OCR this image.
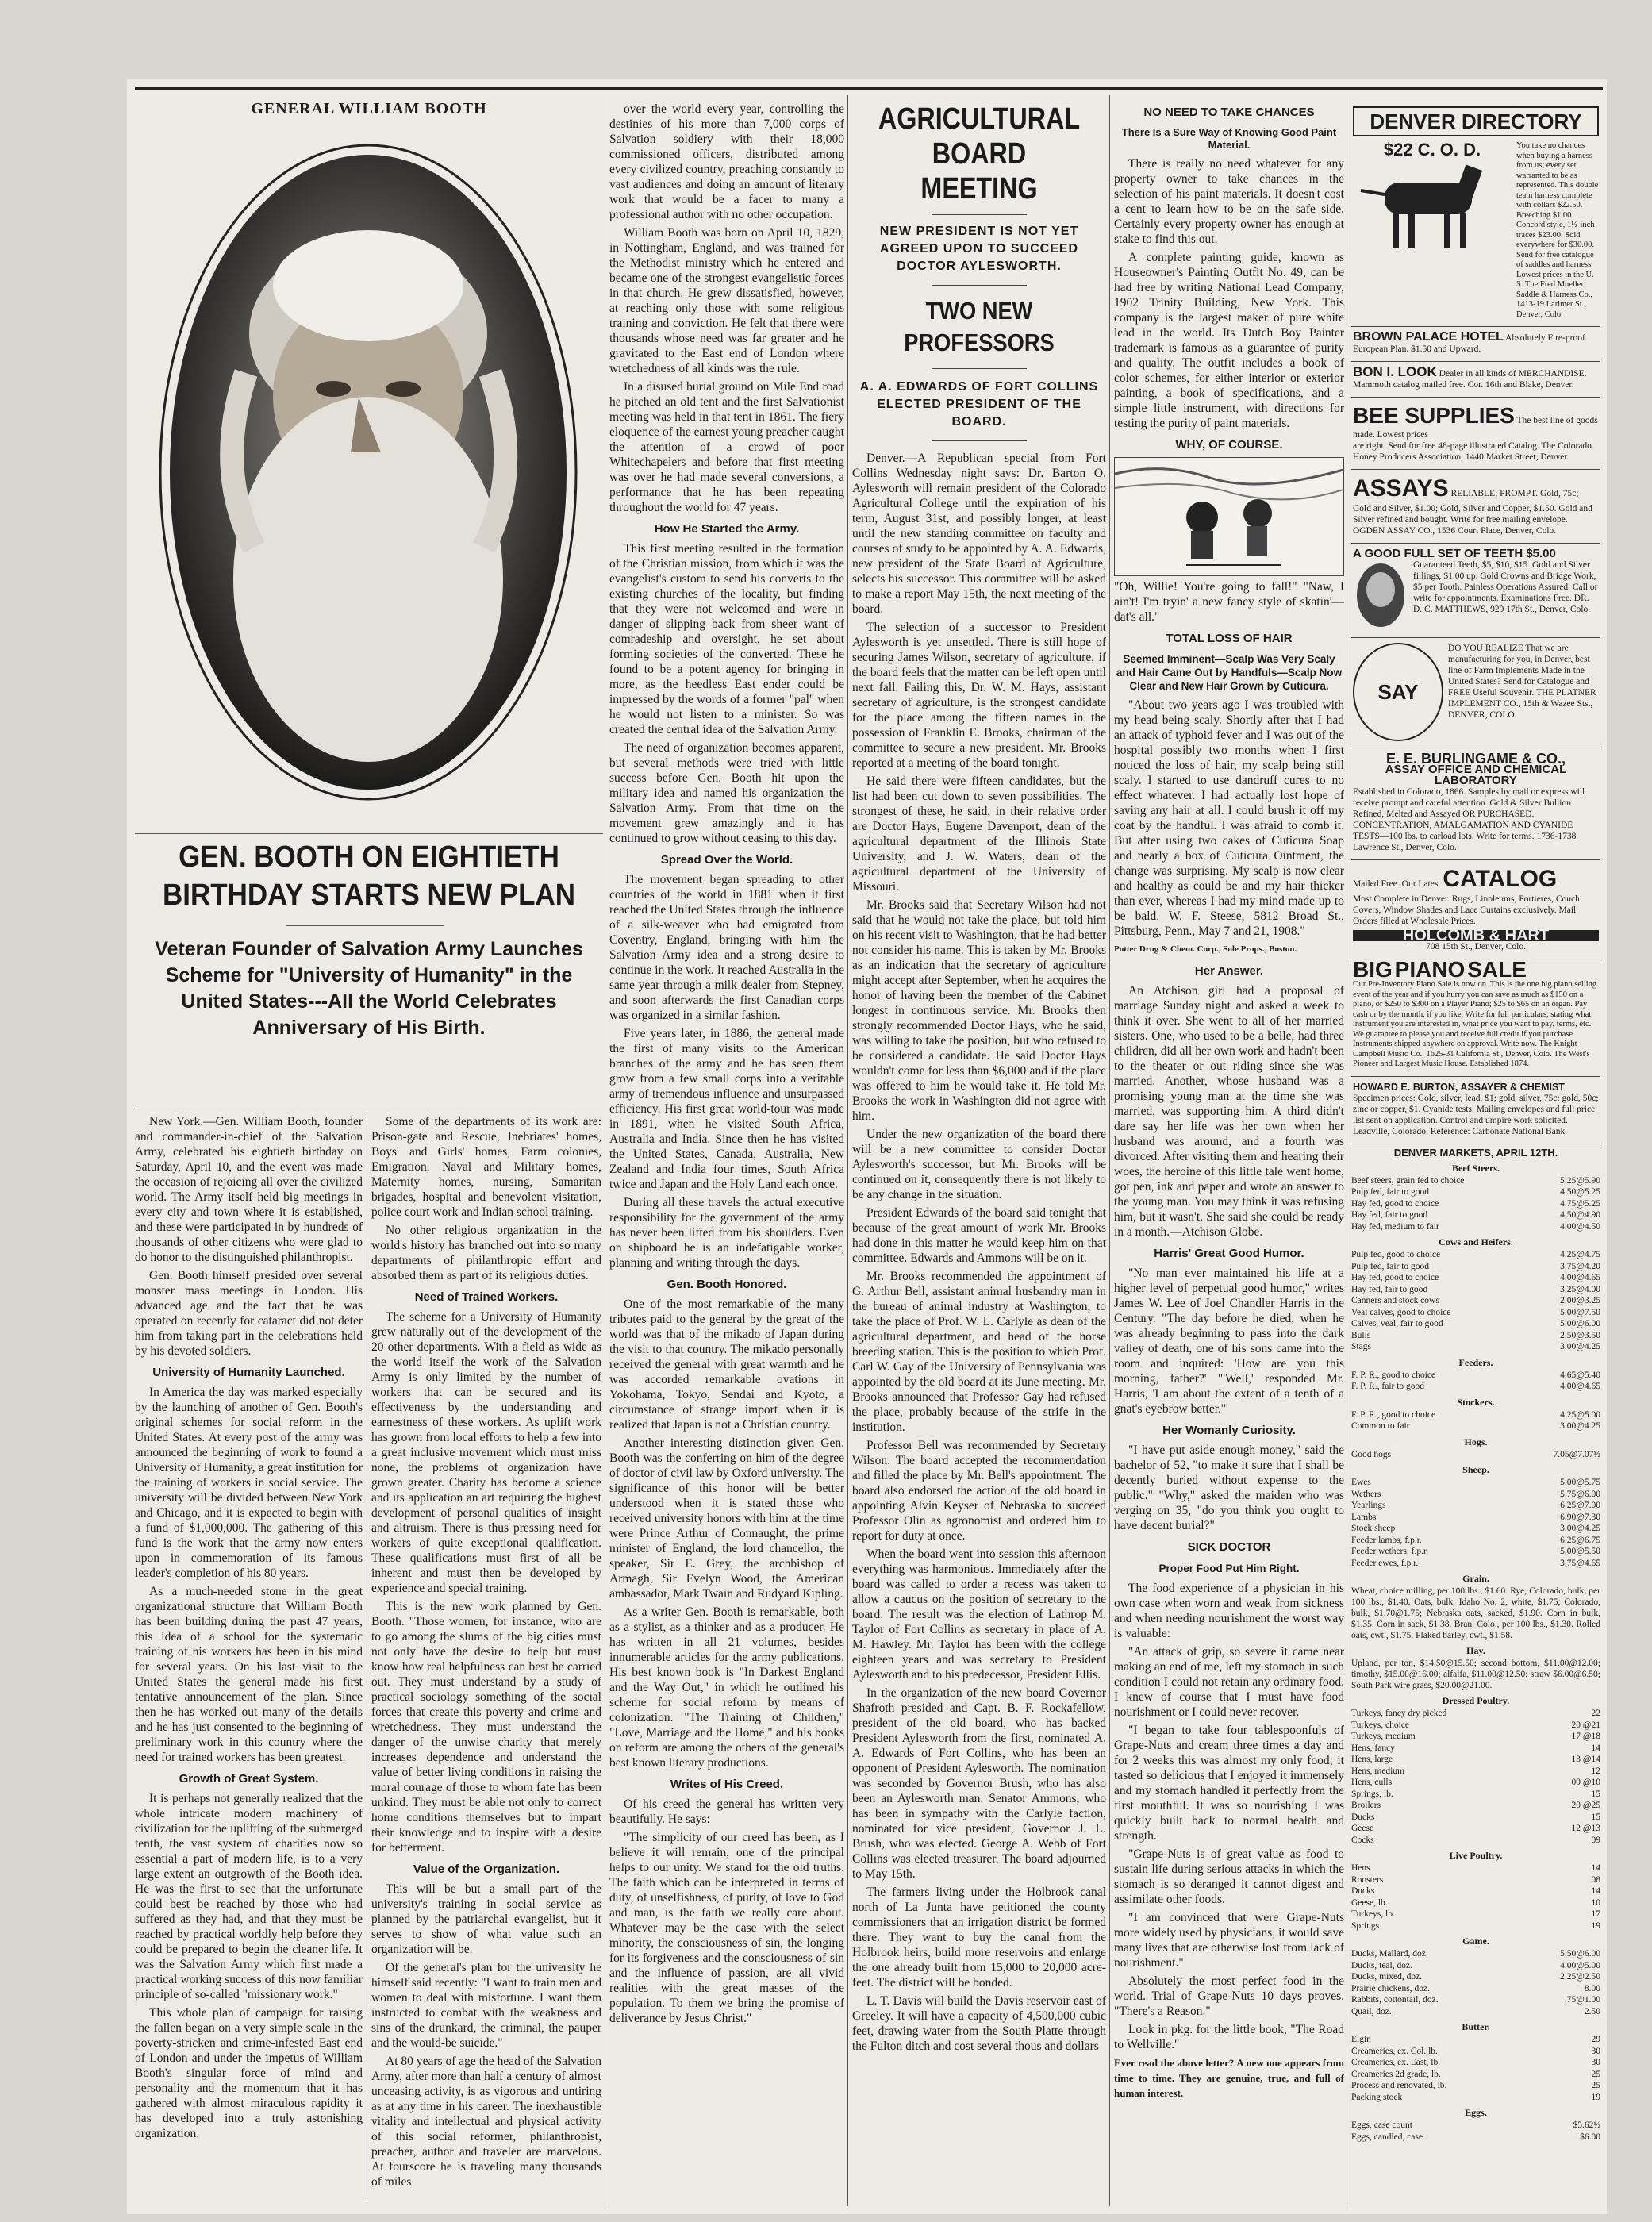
GENERAL WILLIAM BOOTH
GEN. BOOTH ON EIGHTIETH
BIRTHDAY STARTS NEW PLAN
Veteran Founder of Salvation Army Launches Scheme for "University of Humanity" in the United States---All the World Celebrates Anniversary of His Birth.

New York.—Gen. William Booth, founder and commander-in-chief of the Salvation Army, celebrated his eightieth birthday on Saturday, April 10, and the event was made the occasion of rejoicing all over the civilized world. The Army itself held big meetings in every city and town where it is established, and these were participated in by hundreds of thousands of other citizens who were glad to do honor to the distinguished philanthropist.

Gen. Booth himself presided over several monster mass meetings in London. His advanced age and the fact that he was operated on recently for cataract did not deter him from taking part in the celebrations held by his devoted soldiers.

University of Humanity Launched.

In America the day was marked especially by the launching of another of Gen. Booth's original schemes for social reform in the United States. At every post of the army was announced the beginning of work to found a University of Humanity, a great institution for the training of workers in social service. The university will be divided between New York and Chicago, and it is expected to begin with a fund of $1,000,000. The gathering of this fund is the work that the army now enters upon in commemoration of its famous leader's completion of his 80 years.

As a much-needed stone in the great organizational structure that William Booth has been building during the past 47 years, this idea of a school for the systematic training of his workers has been in his mind for several years. On his last visit to the United States the general made his first tentative announcement of the plan. Since then he has worked out many of the details and he has just consented to the beginning of preliminary work in this country where the need for trained workers has been greatest.

Growth of Great System.

It is perhaps not generally realized that the whole intricate modern machinery of civilization for the uplifting of the submerged tenth, the vast system of charities now so essential a part of modern life, is to a very large extent an outgrowth of the Booth idea. He was the first to see that the unfortunate could best be reached by those who had suffered as they had, and that they must be reached by practical worldly help before they could be prepared to begin the cleaner life. It was the Salvation Army which first made a practical working success of this now familiar principle of so-called "missionary work."

This whole plan of campaign for raising the fallen began on a very simple scale in the poverty-stricken and crime-infested East end of London and under the impetus of William Booth's singular force of mind and personality and the momentum that it has gathered with almost miraculous rapidity it has developed into a truly astonishing organization.

Some of the departments of its work are: Prison-gate and Rescue, Inebriates' homes, Boys' and Girls' homes, Farm colonies, Emigration, Naval and Military homes, Maternity homes, nursing, Samaritan brigades, hospital and benevolent visitation, police court work and Indian school training.

No other religious organization in the world's history has branched out into so many departments of philanthropic effort and absorbed them as part of its religious duties.

Need of Trained Workers.

The scheme for a University of Humanity grew naturally out of the development of the 20 other departments. With a field as wide as the world itself the work of the Salvation Army is only limited by the number of workers that can be secured and its effectiveness by the understanding and earnestness of these workers. As uplift work has grown from local efforts to help a few into a great inclusive movement which must miss none, the problems of organization have grown greater. Charity has become a science and its application an art requiring the highest development of personal qualities of insight and altruism. There is thus pressing need for workers of quite exceptional qualification. These qualifications must first of all be inherent and must then be developed by experience and special training.

This is the new work planned by Gen. Booth. "Those women, for instance, who are to go among the slums of the big cities must not only have the desire to help but must know how real helpfulness can best be carried out. They must understand by a study of practical sociology something of the social forces that create this poverty and crime and wretchedness. They must understand the danger of the unwise charity that merely increases dependence and understand the value of better living conditions in raising the moral courage of those to whom fate has been unkind. They must be able not only to correct home conditions themselves but to impart their knowledge and to inspire with a desire for betterment.

Value of the Organization.

This will be but a small part of the university's training in social service as planned by the patriarchal evangelist, but it serves to show of what value such an organization will be.

Of the general's plan for the university he himself said recently: "I want to train men and women to deal with misfortune. I want them instructed to combat with the weakness and sins of the drunkard, the criminal, the pauper and the would-be suicide."

At 80 years of age the head of the Salvation Army, after more than half a century of almost unceasing activity, is as vigorous and untiring as at any time in his career. The inexhaustible vitality and intellectual and physical activity of this social reformer, philanthropist, preacher, author and traveler are marvelous. At fourscore he is traveling many thousands of miles

over the world every year, controlling the destinies of his more than 7,000 corps of Salvation soldiery with their 18,000 commissioned officers, distributed among every civilized country, preaching constantly to vast audiences and doing an amount of literary work that would be a facer to many a professional author with no other occupation.

William Booth was born on April 10, 1829, in Nottingham, England, and was trained for the Methodist ministry which he entered and became one of the strongest evangelistic forces in that church. He grew dissatisfied, however, at reaching only those with some religious training and conviction. He felt that there were thousands whose need was far greater and he gravitated to the East end of London where wretchedness of all kinds was the rule.

In a disused burial ground on Mile End road he pitched an old tent and the first Salvationist meeting was held in that tent in 1861. The fiery eloquence of the earnest young preacher caught the attention of a crowd of poor Whitechapelers and before that first meeting was over he had made several conversions, a performance that he has been repeating throughout the world for 47 years.

How He Started the Army.

This first meeting resulted in the formation of the Christian mission, from which it was the evangelist's custom to send his converts to the existing churches of the locality, but finding that they were not welcomed and were in danger of slipping back from sheer want of comradeship and oversight, he set about forming societies of the converted. These he found to be a potent agency for bringing in more, as the heedless East ender could be impressed by the words of a former "pal" when he would not listen to a minister. So was created the central idea of the Salvation Army.

The need of organization becomes apparent, but several methods were tried with little success before Gen. Booth hit upon the military idea and named his organization the Salvation Army. From that time on the movement grew amazingly and it has continued to grow without ceasing to this day.

Spread Over the World.

The movement began spreading to other countries of the world in 1881 when it first reached the United States through the influence of a silk-weaver who had emigrated from Coventry, England, bringing with him the Salvation Army idea and a strong desire to continue in the work. It reached Australia in the same year through a milk dealer from Stepney, and soon afterwards the first Canadian corps was organized in a similar fashion.

Five years later, in 1886, the general made the first of many visits to the American branches of the army and he has seen them grow from a few small corps into a veritable army of tremendous influence and unsurpassed efficiency. His first great world-tour was made in 1891, when he visited South Africa, Australia and India. Since then he has visited the United States, Canada, Australia, New Zealand and India four times, South Africa twice and Japan and the Holy Land each once.

During all these travels the actual executive responsibility for the government of the army has never been lifted from his shoulders. Even on shipboard he is an indefatigable worker, planning and writing through the days.

Gen. Booth Honored.

One of the most remarkable of the many tributes paid to the general by the great of the world was that of the mikado of Japan during the visit to that country. The mikado personally received the general with great warmth and he was accorded remarkable ovations in Yokohama, Tokyo, Sendai and Kyoto, a circumstance of strange import when it is realized that Japan is not a Christian country.

Another interesting distinction given Gen. Booth was the conferring on him of the degree of doctor of civil law by Oxford university. The significance of this honor will be better understood when it is stated those who received university honors with him at the time were Prince Arthur of Connaught, the prime minister of England, the lord chancellor, the speaker, Sir E. Grey, the archbishop of Armagh, Sir Evelyn Wood, the American ambassador, Mark Twain and Rudyard Kipling.

As a writer Gen. Booth is remarkable, both as a stylist, as a thinker and as a producer. He has written in all 21 volumes, besides innumerable articles for the army publications. His best known book is "In Darkest England and the Way Out," in which he outlined his scheme for social reform by means of colonization. "The Training of Children," "Love, Marriage and the Home," and his books on reform are among the others of the general's best known literary productions.

Writes of His Creed.

Of his creed the general has written very beautifully. He says:

"The simplicity of our creed has been, as I believe it will remain, one of the principal helps to our unity. We stand for the old truths. The faith which can be interpreted in terms of duty, of unselfishness, of purity, of love to God and man, is the faith we really care about. Whatever may be the case with the select minority, the consciousness of sin, the longing for its forgiveness and the consciousness of sin and the influence of passion, are all vivid realities with the great masses of the population. To them we bring the promise of deliverance by Jesus Christ."

AGRICULTURAL
BOARD MEETING
NEW PRESIDENT IS NOT YET AGREED UPON TO SUCCEED DOCTOR AYLESWORTH.
TWO NEW PROFESSORS
A. A. EDWARDS OF FORT COLLINS ELECTED PRESIDENT OF THE BOARD.

Denver.—A Republican special from Fort Collins Wednesday night says: Dr. Barton O. Aylesworth will remain president of the Colorado Agricultural College until the expiration of his term, August 31st, and possibly longer, at least until the new standing committee on faculty and courses of study to be appointed by A. A. Edwards, new president of the State Board of Agriculture, selects his successor. This committee will be asked to make a report May 15th, the next meeting of the board.

The selection of a successor to President Aylesworth is yet unsettled. There is still hope of securing James Wilson, secretary of agriculture, if the board feels that the matter can be left open until next fall. Failing this, Dr. W. M. Hays, assistant secretary of agriculture, is the strongest candidate for the place among the fifteen names in the possession of Franklin E. Brooks, chairman of the committee to secure a new president. Mr. Brooks reported at a meeting of the board tonight.

He said there were fifteen candidates, but the list had been cut down to seven possibilities. The strongest of these, he said, in their relative order are Doctor Hays, Eugene Davenport, dean of the agricultural department of the Illinois State University, and J. W. Waters, dean of the agricultural department of the University of Missouri.

Mr. Brooks said that Secretary Wilson had not said that he would not take the place, but told him on his recent visit to Washington, that he had better not consider his name. This is taken by Mr. Brooks as an indication that the secretary of agriculture might accept after September, when he acquires the honor of having been the member of the Cabinet longest in continuous service. Mr. Brooks then strongly recommended Doctor Hays, who he said, was willing to take the position, but who refused to be considered a candidate. He said Doctor Hays wouldn't come for less than $6,000 and if the place was offered to him he would take it. He told Mr. Brooks the work in Washington did not agree with him.

Under the new organization of the board there will be a new committee to consider Doctor Aylesworth's successor, but Mr. Brooks will be continued on it, consequently there is not likely to be any change in the situation.

President Edwards of the board said tonight that because of the great amount of work Mr. Brooks had done in this matter he would keep him on that committee. Edwards and Ammons will be on it.

Mr. Brooks recommended the appointment of G. Arthur Bell, assistant animal husbandry man in the bureau of animal industry at Washington, to take the place of Prof. W. L. Carlyle as dean of the agricultural department, and head of the horse breeding station. This is the position to which Prof. Carl W. Gay of the University of Pennsylvania was appointed by the old board at its June meeting. Mr. Brooks announced that Professor Gay had refused the place, probably because of the strife in the institution.

Professor Bell was recommended by Secretary Wilson. The board accepted the recommendation and filled the place by Mr. Bell's appointment. The board also endorsed the action of the old board in appointing Alvin Keyser of Nebraska to succeed Professor Olin as agronomist and ordered him to report for duty at once.

When the board went into session this afternoon everything was harmonious. Immediately after the board was called to order a recess was taken to allow a caucus on the position of secretary to the board. The result was the election of Lathrop M. Taylor of Fort Collins as secretary in place of A. M. Hawley. Mr. Taylor has been with the college eighteen years and was secretary to President Aylesworth and to his predecessor, President Ellis.

In the organization of the new board Governor Shafroth presided and Capt. B. F. Rockafellow, president of the old board, who has backed President Aylesworth from the first, nominated A. A. Edwards of Fort Collins, who has been an opponent of President Aylesworth. The nomination was seconded by Governor Brush, who has also been an Aylesworth man. Senator Ammons, who has been in sympathy with the Carlyle faction, nominated for vice president, Governor J. L. Brush, who was elected. George A. Webb of Fort Collins was elected treasurer. The board adjourned to May 15th.

The farmers living under the Holbrook canal north of La Junta have petitioned the county commissioners that an irrigation district be formed there. They want to buy the canal from the Holbrook heirs, build more reservoirs and enlarge the one already built from 15,000 to 20,000 acre-feet. The district will be bonded.

L. T. Davis will build the Davis reservoir east of Greeley. It will have a capacity of 4,500,000 cubic feet, drawing water from the South Platte through the Fulton ditch and cost several thous and dollars

NO NEED TO TAKE CHANCES
There Is a Sure Way of Knowing Good Paint Material.

There is really no need whatever for any property owner to take chances in the selection of his paint materials. It doesn't cost a cent to learn how to be on the safe side. Certainly every property owner has enough at stake to find this out.

A complete painting guide, known as Houseowner's Painting Outfit No. 49, can be had free by writing National Lead Company, 1902 Trinity Building, New York. This company is the largest maker of pure white lead in the world. Its Dutch Boy Painter trademark is famous as a guarantee of purity and quality. The outfit includes a book of color schemes, for either interior or exterior painting, a book of specifications, and a simple little instrument, with directions for testing the purity of paint materials.

WHY, OF COURSE.

"Oh, Willie! You're going to fall!" "Naw, I ain't! I'm tryin' a new fancy style of skatin'—dat's all."

TOTAL LOSS OF HAIR
Seemed Imminent—Scalp Was Very Scaly and Hair Came Out by Handfuls—Scalp Now Clear and New Hair Grown by Cuticura.

"About two years ago I was troubled with my head being scaly. Shortly after that I had an attack of typhoid fever and I was out of the hospital possibly two months when I first noticed the loss of hair, my scalp being still scaly. I started to use dandruff cures to no effect whatever. I had actually lost hope of saving any hair at all. I could brush it off my coat by the handful. I was afraid to comb it. But after using two cakes of Cuticura Soap and nearly a box of Cuticura Ointment, the change was surprising. My scalp is now clear and healthy as could be and my hair thicker than ever, whereas I had my mind made up to be bald. W. F. Steese, 5812 Broad St., Pittsburg, Penn., May 7 and 21, 1908."

Potter Drug & Chem. Corp., Sole Props., Boston.
Her Answer.

An Atchison girl had a proposal of marriage Sunday night and asked a week to think it over. She went to all of her married sisters. One, who used to be a belle, had three children, did all her own work and hadn't been to the theater or out riding since she was married. Another, whose husband was a promising young man at the time she was married, was supporting him. A third didn't dare say her life was her own when her husband was around, and a fourth was divorced. After visiting them and hearing their woes, the heroine of this little tale went home, got pen, ink and paper and wrote an answer to the young man. You may think it was refusing him, but it wasn't. She said she could be ready in a month.—Atchison Globe.

Harris' Great Good Humor.

"No man ever maintained his life at a higher level of perpetual good humor," writes James W. Lee of Joel Chandler Harris in the Century. "The day before he died, when he was already beginning to pass into the dark valley of death, one of his sons came into the room and inquired: 'How are you this morning, father?' "'Well,' responded Mr. Harris, 'I am about the extent of a tenth of a gnat's eyebrow better.'"

Her Womanly Curiosity.

"I have put aside enough money," said the bachelor of 52, "to make it sure that I shall be decently buried without expense to the public." "Why," asked the maiden who was verging on 35, "do you think you ought to have decent burial?"

SICK DOCTOR
Proper Food Put Him Right.

The food experience of a physician in his own case when worn and weak from sickness and when needing nourishment the worst way is valuable:

"An attack of grip, so severe it came near making an end of me, left my stomach in such condition I could not retain any ordinary food. I knew of course that I must have food nourishment or I could never recover.

"I began to take four tablespoonfuls of Grape-Nuts and cream three times a day and for 2 weeks this was almost my only food; it tasted so delicious that I enjoyed it immensely and my stomach handled it perfectly from the first mouthful. It was so nourishing I was quickly built back to normal health and strength.

"Grape-Nuts is of great value as food to sustain life during serious attacks in which the stomach is so deranged it cannot digest and assimilate other foods.

"I am convinced that were Grape-Nuts more widely used by physicians, it would save many lives that are otherwise lost from lack of nourishment."

Absolutely the most perfect food in the world. Trial of Grape-Nuts 10 days proves. "There's a Reason."

Look in pkg. for the little book, "The Road to Wellville."

Ever read the above letter? A new one appears from time to time. They are genuine, true, and full of human interest.

DENVER DIRECTORY
$22 C. O. D.	You take no chances when buying a harness from us; every set warranted to be as represented. This double team harness complete with collars $22.50. Breeching $1.00. Concord style, 1½-inch traces $23.00. Sold everywhere for $30.00. Send for free catalogue of saddles and harness. Lowest prices in the U. S. The Fred Mueller Saddle & Harness Co., 1413-19 Larimer St., Denver, Colo.
BROWN PALACE HOTEL Absolutely Fire-proof. European Plan. $1.50 and Upward.
BON I. LOOK Dealer in all kinds of MERCHANDISE. Mammoth catalog mailed free. Cor. 16th and Blake, Denver.
BEE SUPPLIES The best line of goods made. Lowest prices
are right. Send for free 48-page illustrated Catalog. The Colorado Honey Producers Association, 1440 Market Street, Denver
ASSAYS RELIABLE; PROMPT. Gold, 75c; Gold and Silver, $1.00; Gold, Silver and Copper, $1.50. Gold and Silver refined and bought. Write for free mailing envelope. OGDEN ASSAY CO., 1536 Court Place, Denver, Colo.
A GOOD FULL SET OF TEETH $5.00
Guaranteed Teeth, $5, $10, $15. Gold and Silver fillings, $1.00 up. Gold Crowns and Bridge Work, $5 per Tooth. Painless Operations Assured. Call or write for appointments. Examinations Free. DR. D. C. MATTHEWS, 929 17th St., Denver, Colo.
SAY
DO YOU REALIZE That we are manufacturing for you, in Denver, best line of Farm Implements Made in the United States? Send for Catalogue and FREE Useful Souvenir. THE PLATNER IMPLEMENT CO., 15th & Wazee Sts., DENVER, COLO.
E. E. BURLINGAME & CO.,
ASSAY OFFICE AND CHEMICAL LABORATORY
Established in Colorado, 1866. Samples by mail or express will receive prompt and careful attention. Gold & Silver Bullion Refined, Melted and Assayed OR PURCHASED. CONCENTRATION, AMALGAMATION AND CYANIDE TESTS—100 lbs. to carload lots. Write for terms. 1736-1738 Lawrence St., Denver, Colo.
Mailed Free. Our Latest CATALOG
Most Complete in Denver. Rugs, Linoleums, Portieres, Couch Covers, Window Shades and Lace Curtains exclusively. Mail Orders filled at Wholesale Prices.
HOLCOMB & HART
708 15th St., Denver, Colo.
BIG PIANO SALE
Our Pre-Inventory Piano Sale is now on. This is the one big piano selling event of the year and if you hurry you can save as much as $150 on a piano, or $250 to $300 on a Player Piano; $25 to $65 on an organ. Pay cash or by the month, if you like. Write for full particulars, stating what instrument you are interested in, what price you want to pay, terms, etc. We guarantee to please you and receive full credit if you purchase. Instruments shipped anywhere on approval. Write now. The Knight-Campbell Music Co., 1625-31 California St., Denver, Colo. The West's Pioneer and Largest Music House. Established 1874.
HOWARD E. BURTON, ASSAYER & CHEMIST
Specimen prices: Gold, silver, lead, $1; gold, silver, 75c; gold, 50c; zinc or copper, $1. Cyanide tests. Mailing envelopes and full price list sent on application. Control and umpire work solicited. Leadville, Colorado. Reference: Carbonate National Bank.
DENVER MARKETS, APRIL 12TH.
Beef Steers.
Beef steers, grain fed to choice	5.25@5.90
Pulp fed, fair to good	4.50@5.25
Hay fed, good to choice	4.75@5.25
Hay fed, fair to good	4.50@4.90
Hay fed, medium to fair	4.00@4.50
Cows and Heifers.
Pulp fed, good to choice	4.25@4.75
Pulp fed, fair to good	3.75@4.20
Hay fed, good to choice	4.00@4.65
Hay fed, fair to good	3.25@4.00
Canners and stock cows	2.00@3.25
Veal calves, good to choice	5.00@7.50
Calves, veal, fair to good	5.00@6.00
Bulls	2.50@3.50
Stags	3.00@4.25
Feeders.
F. P. R., good to choice	4.65@5.40
F. P. R., fair to good	4.00@4.65
Stockers.
F. P. R., good to choice	4.25@5.00
Common to fair	3.00@4.25
Hogs.
Good hogs	7.05@7.07½
Sheep.
Ewes	5.00@5.75
Wethers	5.75@6.00
Yearlings	6.25@7.00
Lambs	6.90@7.30
Stock sheep	3.00@4.25
Feeder lambs, f.p.r.	6.25@6.75
Feeder wethers, f.p.r.	5.00@5.50
Feeder ewes, f.p.r.	3.75@4.65
Grain.
Wheat, choice milling, per 100 lbs., $1.60. Rye, Colorado, bulk, per 100 lbs., $1.40. Oats, bulk, Idaho No. 2, white, $1.75; Colorado, bulk, $1.70@1.75; Nebraska oats, sacked, $1.90. Corn in bulk, $1.35. Corn in sack, $1.38. Bran, Colo., per 100 lbs., $1.30. Rolled oats, cwt., $1.75. Flaked barley, cwt., $1.58.
Hay.
Upland, per ton, $14.50@15.50; second bottom, $11.00@12.00; timothy, $15.00@16.00; alfalfa, $11.00@12.50; straw $6.00@6.50; South Park wire grass, $20.00@21.00.
Dressed Poultry.
Turkeys, fancy dry picked	22
Turkeys, choice	20 @21
Turkeys, medium	17 @18
Hens, fancy	14
Hens, large	13 @14
Hens, medium	12
Hens, culls	09 @10
Springs, lb.	15
Broilers	20 @25
Ducks	15
Geese	12 @13
Cocks	09
Live Poultry.
Hens	14
Roosters	08
Ducks	14
Geese, lb.	10
Turkeys, lb.	17
Springs	19
Game.
Ducks, Mallard, doz.	5.50@6.00
Ducks, teal, doz.	4.00@5.00
Ducks, mixed, doz.	2.25@2.50
Prairie chickens, doz.	8.00
Rabbits, cottontail, doz.	.75@1.00
Quail, doz.	2.50
Butter.
Elgin	29
Creameries, ex. Col. lb.	30
Creameries, ex. East, lb.	30
Creameries 2d grade, lb.	25
Process and renovated, lb.	25
Packing stock	19
Eggs.
Eggs, case count	$5.62½
Eggs, candled, case	$6.00
